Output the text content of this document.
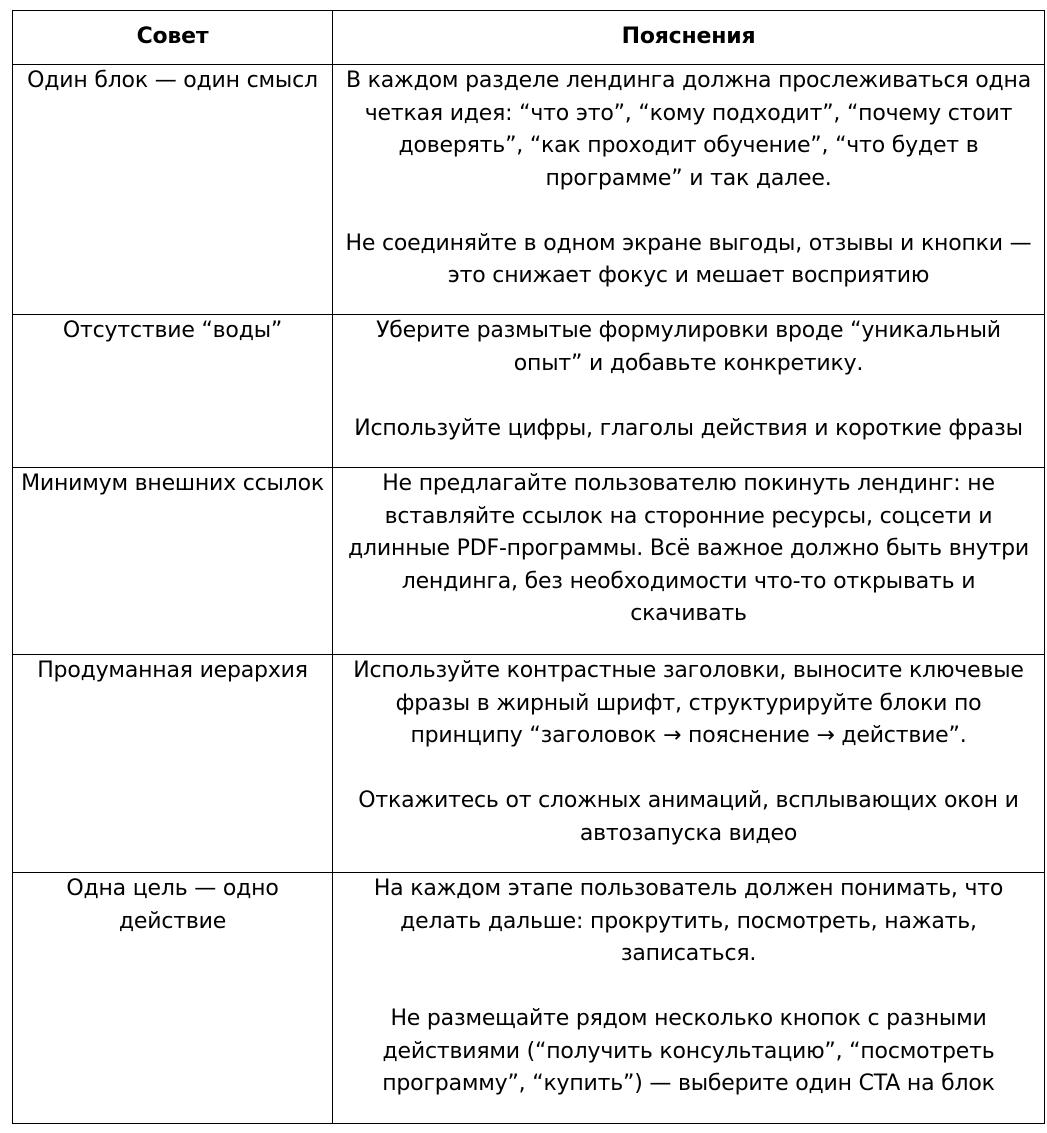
Совет	Пояснения

Один блок — один смысл	В каждом разделе лендинга должна прослеживаться одна четкая идея: “что это”, “кому подходит”, “почему стоит доверять”, “как проходит обучение”, “что будет в программе” и так далее.

Не соединяйте в одном экране выгоды, отзывы и кнопки — это снижает фокус и мешает восприятию

Отсутствие “воды”	Уберите размытые формулировки вроде “уникальный опыт” и добавьте конкретику.

Используйте цифры, глаголы действия и короткие фразы

Минимум внешних ссылок	Не предлагайте пользователю покинуть лендинг: не вставляйте ссылок на сторонние ресурсы, соцсети и длинные PDF-программы. Всё важное должно быть внутри лендинга, без необходимости что-то открывать и скачивать

Продуманная иерархия	Используйте контрастные заголовки, выносите ключевые фразы в жирный шрифт, структурируйте блоки по принципу “заголовок → пояснение → действие”.

Откажитесь от сложных анимаций, всплывающих окон и автозапуска видео

Одна цель — одно действие	На каждом этапе пользователь должен понимать, что делать дальше: прокрутить, посмотреть, нажать, записаться.

Не размещайте рядом несколько кнопок с разными действиями (“получить консультацию”, “посмотреть программу”, “купить”) — выберите один CTA на блок
